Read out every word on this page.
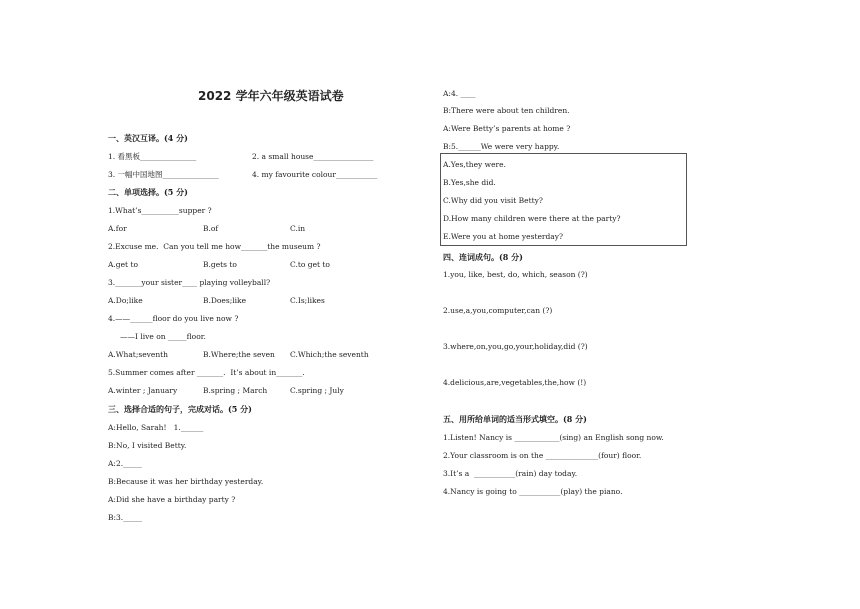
2022 学年六年级英语试卷
一、英汉互译。(4 分)
1. 看黑板_______________	2. a small house________________
3. 一幅中国地图_______________	4. my favourite colour___________
二、单项选择。(5 分)
1.What’s__________supper ?
A.for	B.of	C.in
2.Excuse me.  Can you tell me how_______the museum ?
A.get to	B.gets to	C.to get to
3._______your sister____ playing volleyball?
A.Do;like	B.Does;like	C.Is;likes
4.——______floor do you live now ?
——I live on _____floor.
A.What;seventh	B.Where;the seven C.Which;the seventh
5.Summer comes after _______.  It’s about in_______.
A.winter ; January	B.spring ; March	C.spring ; July
三、选择合适的句子，完成对话。(5 分)
A:Hello, Sarah!   1.______
B:No, I visited Betty.
A:2._____
B:Because it was her birthday yesterday.
A:Did she have a birthday party ?
B:3._____
A:4. ____
B:There were about ten children.
A:Were Betty’s parents at home ?
B:5.______We were very happy.
A.Yes,they were.
B.Yes,she did.
C.Why did you visit Betty?
D.How many children were there at the party?
E.Were you at home yesterday?
四、连词成句。(8 分)
1.you, like, best, do, which, season (?)
2.use,a,you,computer,can (?)
3.where,on,you,go,your,holiday,did (?)
4.delicious,are,vegetables,the,how (!)
五、用所给单词的适当形式填空。(8 分)
1.Listen! Nancy is ____________(sing) an English song now.
2.Your classroom is on the ______________(four) floor.
3.It’s a  ___________(rain) day today.
4.Nancy is going to ___________(play) the piano.
